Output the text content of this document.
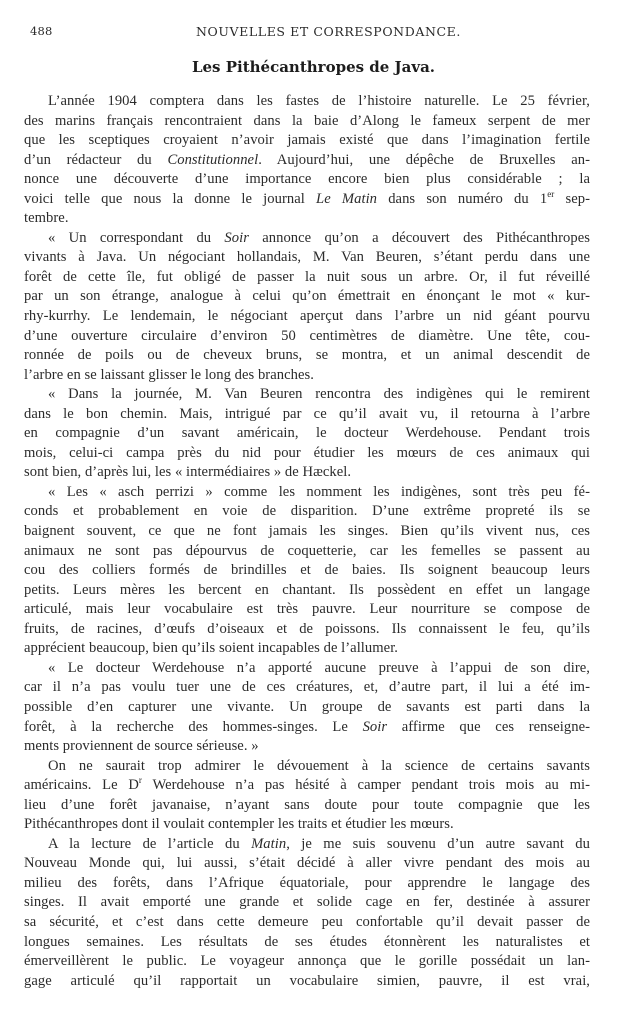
488	NOUVELLES ET CORRESPONDANCE.
Les Pithécanthropes de Java.
L’année 1904 comptera dans les fastes de l’histoire naturelle. Le 25 février,
des marins français rencontraient dans la baie d’Along le fameux serpent de mer
que les sceptiques croyaient n’avoir jamais existé que dans l’imagination fertile
d’un rédacteur du Constitutionnel. Aujourd’hui, une dépêche de Bruxelles an-
nonce une découverte d’une importance encore bien plus considérable ; la
voici telle que nous la donne le journal Le Matin dans son numéro du 1er sep-
tembre.
« Un correspondant du Soir annonce qu’on a découvert des Pithécanthropes
vivants à Java. Un négociant hollandais, M. Van Beuren, s’étant perdu dans une
forêt de cette île, fut obligé de passer la nuit sous un arbre. Or, il fut réveillé
par un son étrange, analogue à celui qu’on émettrait en énonçant le mot « kur-
rhy-kurrhy. Le lendemain, le négociant aperçut dans l’arbre un nid géant pourvu
d’une ouverture circulaire d’environ 50 centimètres de diamètre. Une tête, cou-
ronnée de poils ou de cheveux bruns, se montra, et un animal descendit de
l’arbre en se laissant glisser le long des branches.
« Dans la journée, M. Van Beuren rencontra des indigènes qui le remirent
dans le bon chemin. Mais, intrigué par ce qu’il avait vu, il retourna à l’arbre
en compagnie d’un savant américain, le docteur Werdehouse. Pendant trois
mois, celui-ci campa près du nid pour étudier les mœurs de ces animaux qui
sont bien, d’après lui, les « intermédiaires » de Hæckel.
« Les « asch perrizi » comme les nomment les indigènes, sont très peu fé-
conds et probablement en voie de disparition. D’une extrême propreté ils se
baignent souvent, ce que ne font jamais les singes. Bien qu’ils vivent nus, ces
animaux ne sont pas dépourvus de coquetterie, car les femelles se passent au
cou des colliers formés de brindilles et de baies. Ils soignent beaucoup leurs
petits. Leurs mères les bercent en chantant. Ils possèdent en effet un langage
articulé, mais leur vocabulaire est très pauvre. Leur nourriture se compose de
fruits, de racines, d’œufs d’oiseaux et de poissons. Ils connaissent le feu, qu’ils
apprécient beaucoup, bien qu’ils soient incapables de l’allumer.
« Le docteur Werdehouse n’a apporté aucune preuve à l’appui de son dire,
car il n’a pas voulu tuer une de ces créatures, et, d’autre part, il lui a été im-
possible d’en capturer une vivante. Un groupe de savants est parti dans la
forêt, à la recherche des hommes-singes. Le Soir affirme que ces renseigne-
ments proviennent de source sérieuse. »
On ne saurait trop admirer le dévouement à la science de certains savants
américains. Le $D^r$ Werdehouse n’a pas hésité à camper pendant trois mois au mi-
lieu d’une forêt javanaise, n’ayant sans doute pour toute compagnie que les
Pithécanthropes dont il voulait contempler les traits et étudier les mœurs.
A la lecture de l’article du Matin, je me suis souvenu d’un autre savant du
Nouveau Monde qui, lui aussi, s’était décidé à aller vivre pendant des mois au
milieu des forêts, dans l’Afrique équatoriale, pour apprendre le langage des
singes. Il avait emporté une grande et solide cage en fer, destinée à assurer
sa sécurité, et c’est dans cette demeure peu confortable qu’il devait passer de
longues semaines. Les résultats de ses études étonnèrent les naturalistes et
émerveillèrent le public. Le voyageur annonça que le gorille possédait un lan-
gage articulé qu’il rapportait un vocabulaire simien, pauvre, il est vrai,
